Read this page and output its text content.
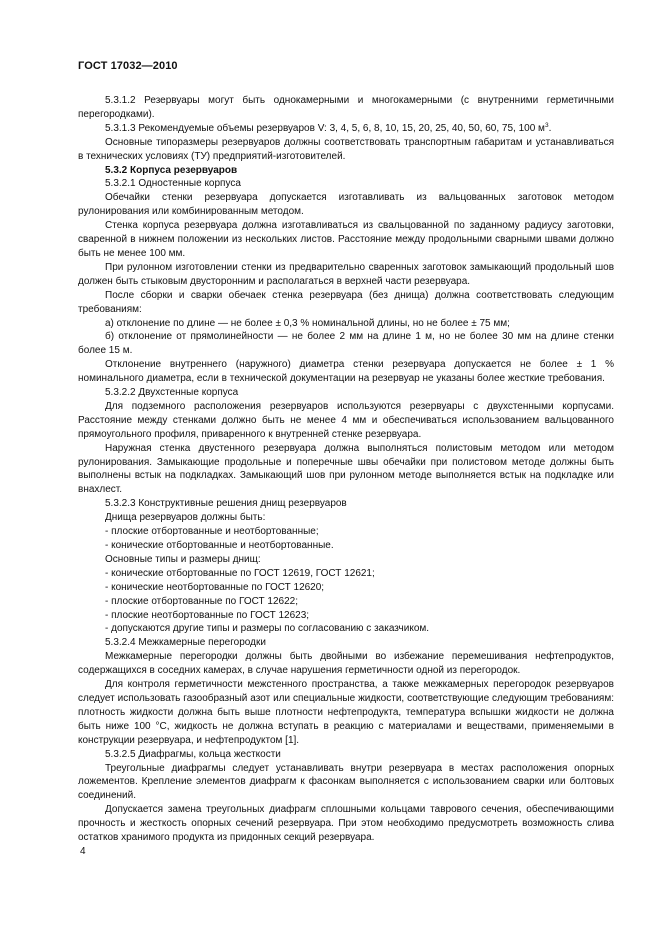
ГОСТ 17032—2010

5.3.1.2 Резервуары могут быть однокамерными и многокамерными (с внутренними герметичными перегородками).

5.3.1.3 Рекомендуемые объемы резервуаров V: 3, 4, 5, 6, 8, 10, 15, 20, 25, 40, 50, 60, 75, 100 $м^3$.

Основные типоразмеры резервуаров должны соответствовать транспортным габаритам и устанавливаться в технических условиях (ТУ) предприятий-изготовителей.

5.3.2 Корпуса резервуаров

5.3.2.1 Одностенные корпуса

Обечайки стенки резервуара допускается изготавливать из вальцованных заготовок методом рулонирования или комбинированным методом.

Стенка корпуса резервуара должна изготавливаться из свальцованной по заданному радиусу заготовки, сваренной в нижнем положении из нескольких листов. Расстояние между продольными сварными швами должно быть не менее 100 мм.

При рулонном изготовлении стенки из предварительно сваренных заготовок замыкающий продольный шов должен быть стыковым двусторонним и располагаться в верхней части резервуара.

После сборки и сварки обечаек стенка резервуара (без днища) должна соответствовать следующим требованиям:

а) отклонение по длине — не более ± 0,3 % номинальной длины, но не более ± 75 мм;

б) отклонение от прямолинейности — не более 2 мм на длине 1 м, но не более 30 мм на длине стенки более 15 м.

Отклонение внутреннего (наружного) диаметра стенки резервуара допускается не более ± 1 % номинального диаметра, если в технической документации на резервуар не указаны более жесткие требования.

5.3.2.2 Двухстенные корпуса

Для подземного расположения резервуаров используются резервуары с двухстенными корпусами. Расстояние между стенками должно быть не менее 4 мм и обеспечиваться использованием вальцованного прямоугольного профиля, приваренного к внутренней стенке резервуара.

Наружная стенка двустенного резервуара должна выполняться полистовым методом или методом рулонирования. Замыкающие продольные и поперечные швы обечайки при полистовом методе должны быть выполнены встык на подкладках. Замыкающий шов при рулонном методе выполняется встык на подкладке или внахлест.

5.3.2.3 Конструктивные решения днищ резервуаров

Днища резервуаров должны быть:

- плоские отбортованные и неотбортованные;

- конические отбортованные и неотбортованные.

Основные типы и размеры днищ:

- конические отбортованные по ГОСТ 12619, ГОСТ 12621;

- конические неотбортованные по ГОСТ 12620;

- плоские отбортованные по ГОСТ 12622;

- плоские неотбортованные по ГОСТ 12623;

- допускаются другие типы и размеры по согласованию с заказчиком.

5.3.2.4 Межкамерные перегородки

Межкамерные перегородки должны быть двойными во избежание перемешивания нефтепродуктов, содержащихся в соседних камерах, в случае нарушения герметичности одной из перегородок.

Для контроля герметичности межстенного пространства, а также межкамерных перегородок резервуаров следует использовать газообразный азот или специальные жидкости, соответствующие следующим требованиям: плотность жидкости должна быть выше плотности нефтепродукта, температура вспышки жидкости не должна быть ниже 100 °С, жидкость не должна вступать в реакцию с материалами и веществами, применяемыми в конструкции резервуара, и нефтепродуктом [1].

5.3.2.5 Диафрагмы, кольца жесткости

Треугольные диафрагмы следует устанавливать внутри резервуара в местах расположения опорных ложементов. Крепление элементов диафрагм к фасонкам выполняется с использованием сварки или болтовых соединений.

Допускается замена треугольных диафрагм сплошными кольцами таврового сечения, обеспечивающими прочность и жесткость опорных сечений резервуара. При этом необходимо предусмотреть возможность слива остатков хранимого продукта из придонных секций резервуара.

4
